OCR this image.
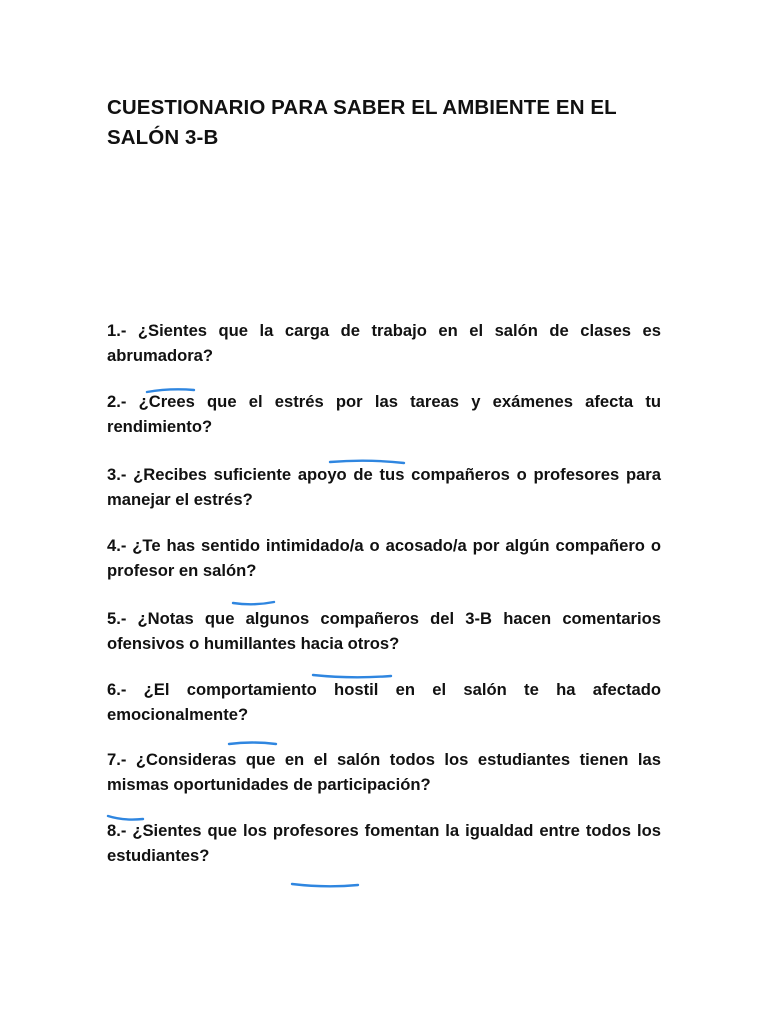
CUESTIONARIO PARA SABER EL AMBIENTE EN EL SALÓN 3-B

1.- ¿Sientes que la carga de trabajo en el salón de clases es abrumadora?

2.- ¿Crees que el estrés por las tareas y exámenes afecta tu rendimiento?

3.- ¿Recibes suficiente apoyo de tus compañeros o profesores para manejar el estrés?

4.- ¿Te has sentido intimidado/a o acosado/a por algún compañero o profesor en salón?

5.- ¿Notas que algunos compañeros del 3-B hacen comentarios ofensivos o humillantes hacia otros?

6.- ¿El comportamiento hostil en el salón te ha afectado emocionalmente?

7.- ¿Consideras que en el salón todos los estudiantes tienen las mismas oportunidades de participación?

8.- ¿Sientes que los profesores fomentan la igualdad entre todos los estudiantes?
